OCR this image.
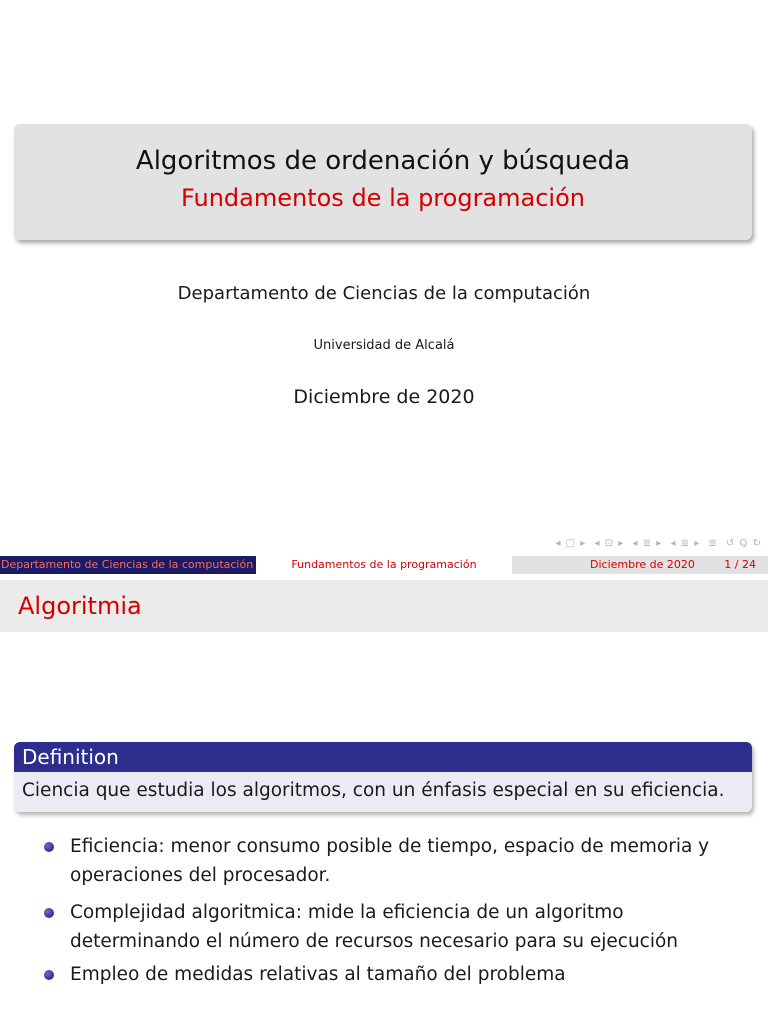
Algoritmos de ordenación y búsqueda
Fundamentos de la programación
Departamento de Ciencias de la computación
Universidad de Alcalá
Diciembre de 2020
◂ □ ▸ ◂ ⊡ ▸ ◂ ≣ ▸ ◂ ≣ ▸ ≣ ↺ Q ↻
Departamento de Ciencias de la computación	Fundamentos de la programación	Diciembre de 2020	1 / 24
Algoritmia
Definition
Ciencia que estudia los algoritmos, con un énfasis especial en su eficiencia.
Eficiencia: menor consumo posible de tiempo, espacio de memoria y
operaciones del procesador.
Complejidad algoritmica: mide la eficiencia de un algoritmo
determinando el número de recursos necesario para su ejecución
Empleo de medidas relativas al tamaño del problema
